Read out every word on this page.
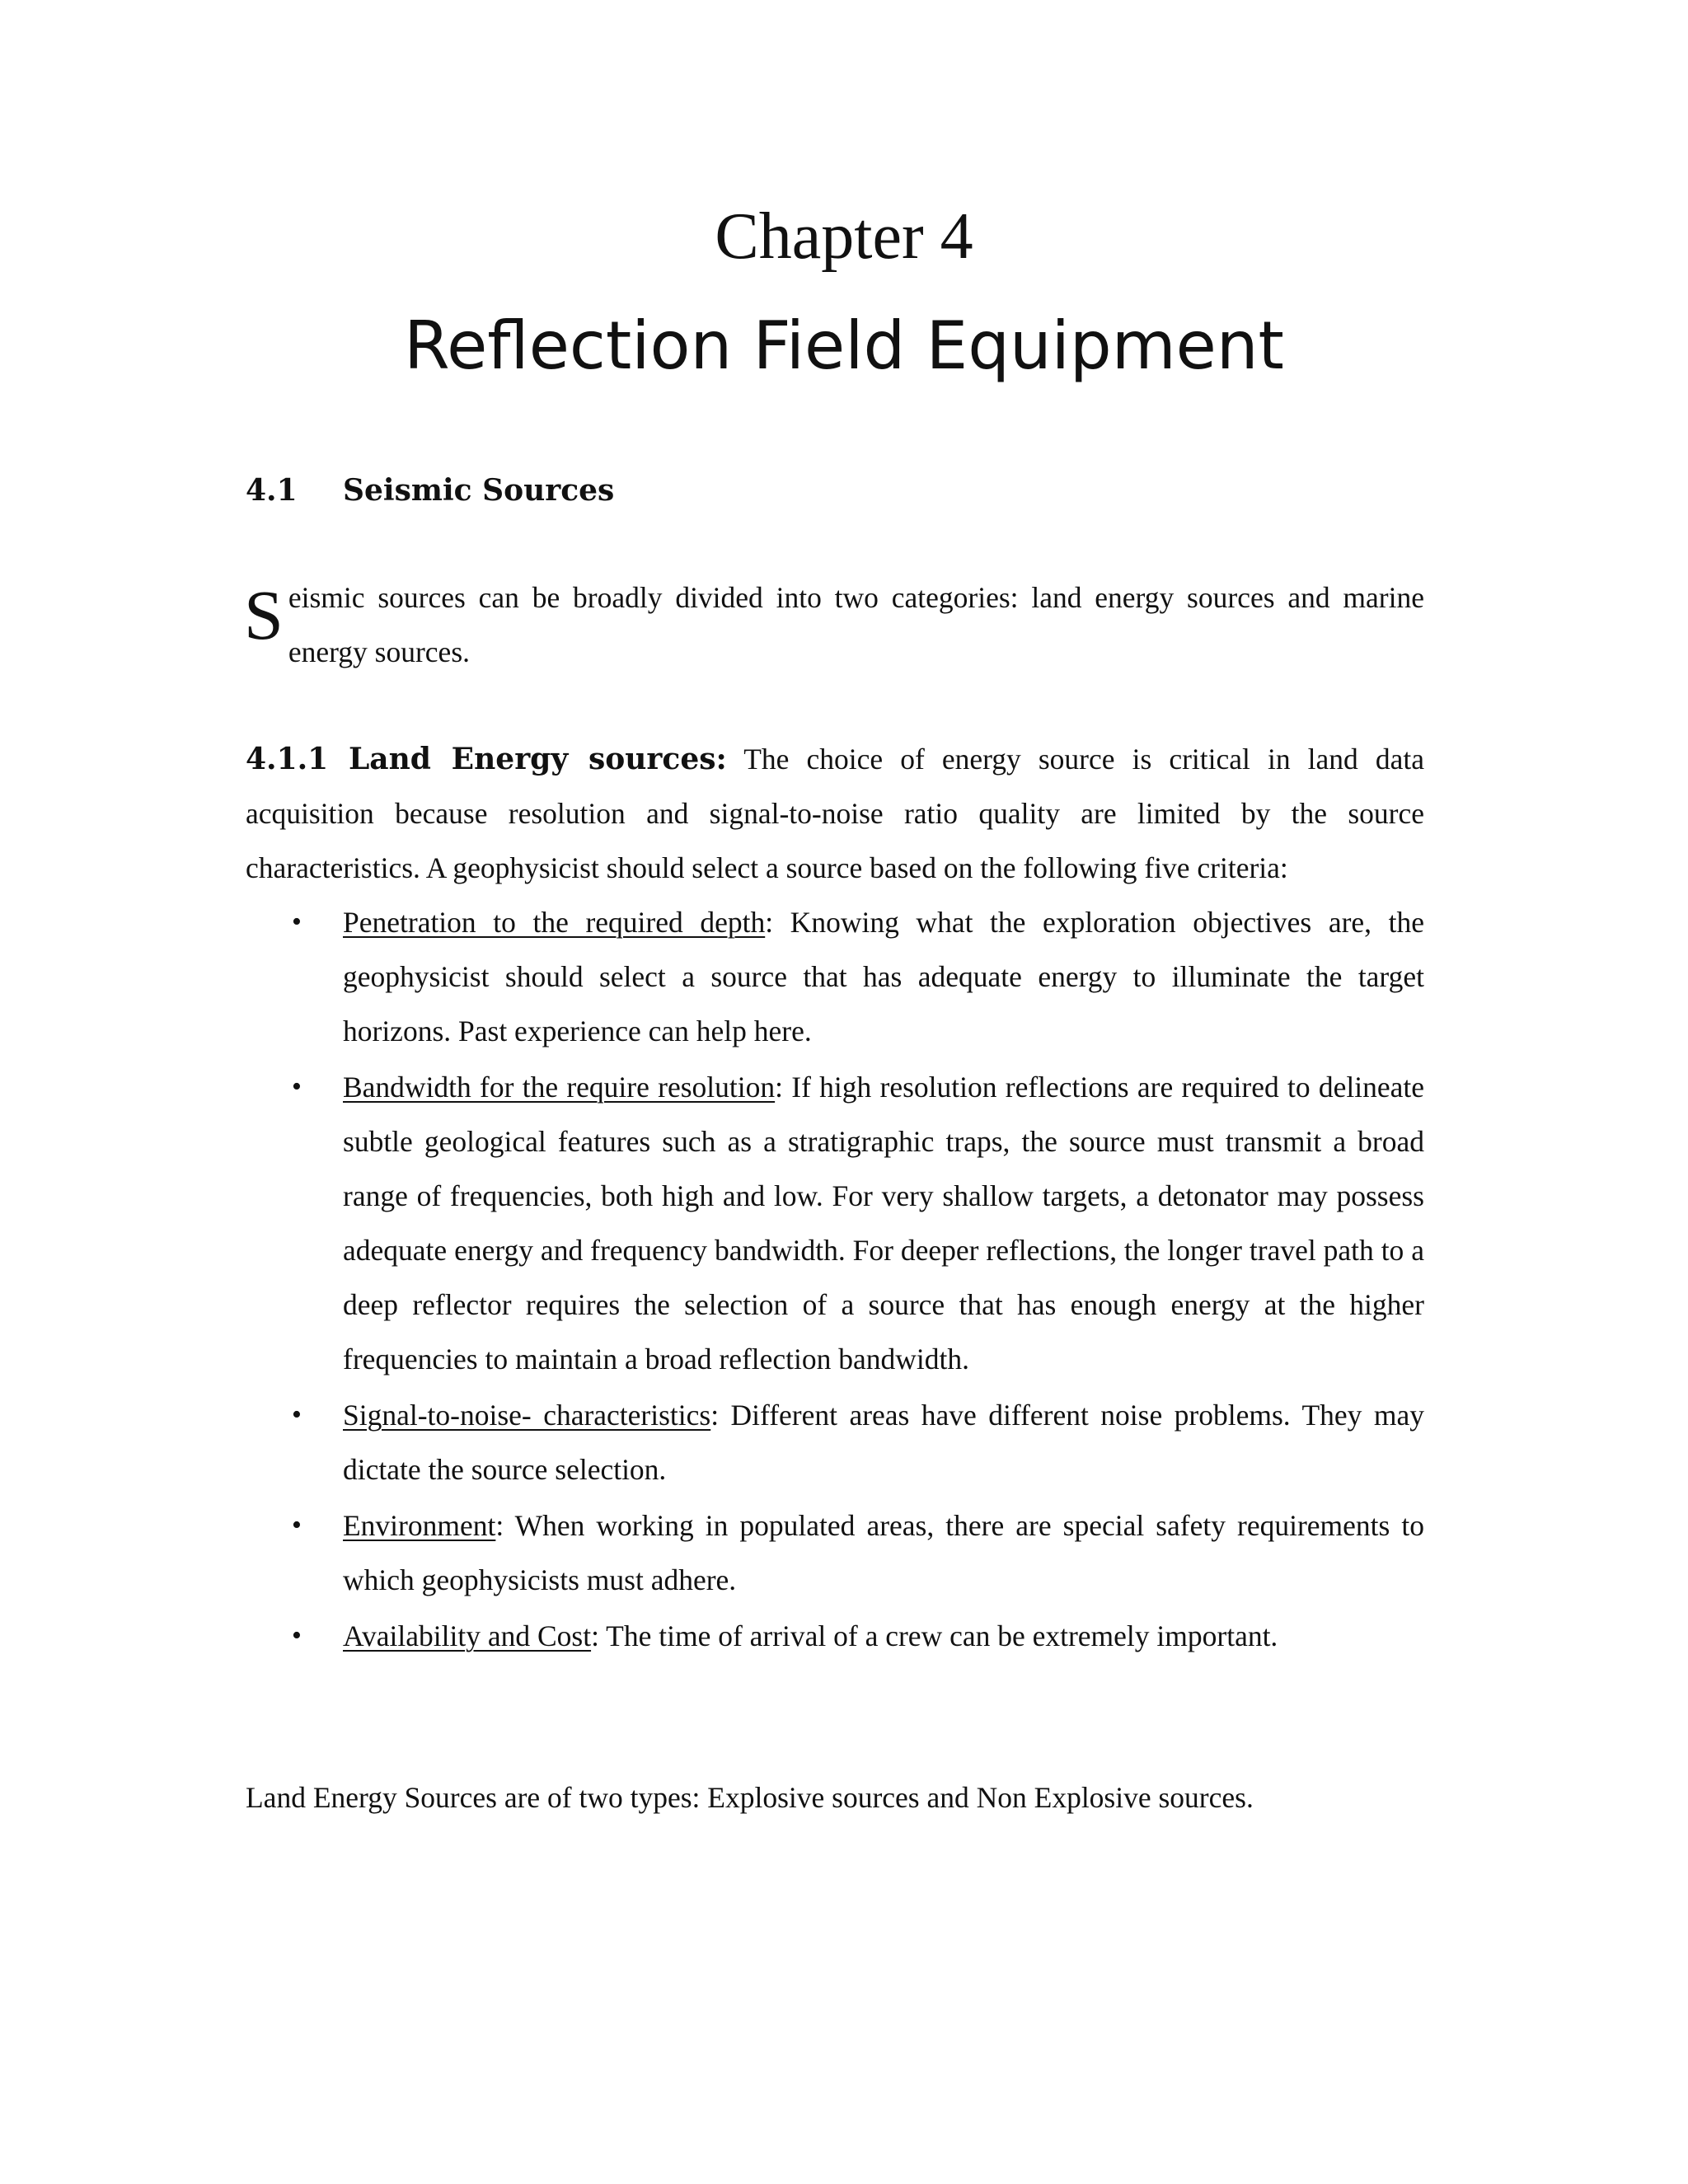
Chapter 4
Reflection Field Equipment
4.1 Seismic Sources
Seismic sources can be broadly divided into two categories: land energy sources and marine energy sources.
4.1.1 Land Energy sources: The choice of energy source is critical in land data acquisition because resolution and signal-to-noise ratio quality are limited by the source characteristics. A geophysicist should select a source based on the following five criteria:
• Penetration to the required depth: Knowing what the exploration objectives are, the geophysicist should select a source that has adequate energy to illuminate the target horizons. Past experience can help here.
• Bandwidth for the require resolution: If high resolution reflections are required to delineate subtle geological features such as a stratigraphic traps, the source must transmit a broad range of frequencies, both high and low. For very shallow targets, a detonator may possess adequate energy and frequency bandwidth. For deeper reflections, the longer travel path to a deep reflector requires the selection of a source that has enough energy at the higher frequencies to maintain a broad reflection bandwidth.
• Signal-to-noise- characteristics: Different areas have different noise problems. They may dictate the source selection.
• Environment: When working in populated areas, there are special safety requirements to which geophysicists must adhere.
• Availability and Cost: The time of arrival of a crew can be extremely important.
Land Energy Sources are of two types: Explosive sources and Non Explosive sources.
